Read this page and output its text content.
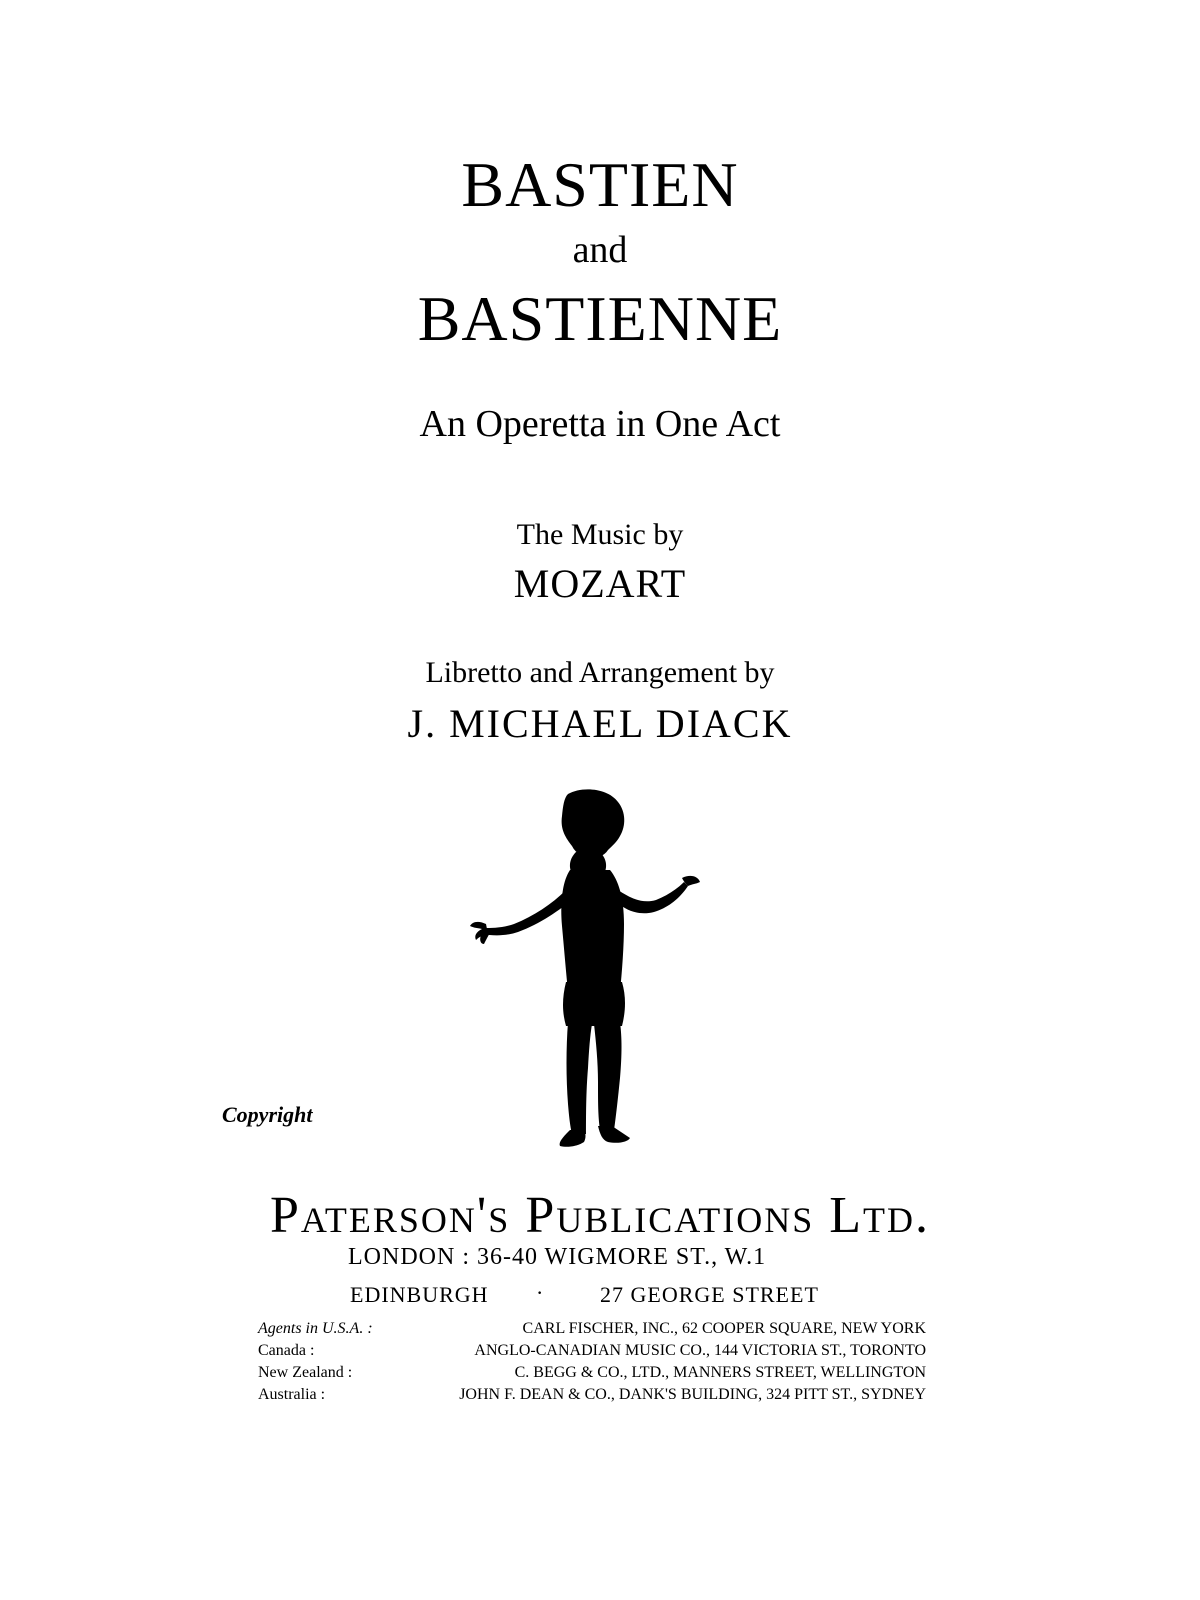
BASTIEN
and
BASTIENNE
An Operetta in One Act
The Music by
MOZART
Libretto and Arrangement by
J. MICHAEL DIACK
Copyright
Paterson's Publications Ltd.
LONDON : 36-40 WIGMORE ST., W.1
EDINBURGH ·	27 GEORGE STREET
Agents in U.S.A. :	CARL FISCHER, INC., 62 COOPER SQUARE, NEW YORK
Canada :	ANGLO-CANADIAN MUSIC CO., 144 VICTORIA ST., TORONTO
New Zealand :	C. BEGG & CO., LTD., MANNERS STREET, WELLINGTON
Australia :	JOHN F. DEAN & CO., DANK'S BUILDING, 324 PITT ST., SYDNEY
